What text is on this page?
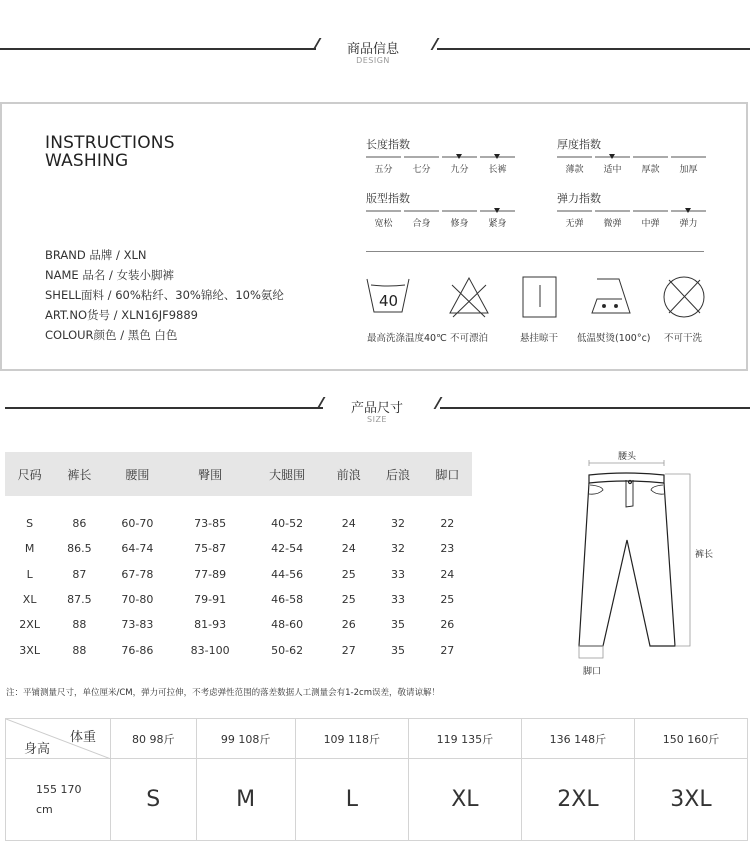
商品信息
DESIGN
INSTRUCTIONS
WASHING
BRAND 品牌 / XLN
NAME 品名 / 女装小脚裤
SHELL面料 / 60%粘纤、30%锦纶、10%氨纶
ART.NO货号 / XLN16JF9889
COLOUR颜色 / 黑色 白色
长度指数
五分	七分	九分	长裤
厚度指数
薄款	适中	厚款	加厚
版型指数
宽松	合身	修身	紧身
弹力指数
无弹	微弹	中弹	弹力
40
最高洗涤温度40℃ 不可漂泊	悬挂晾干 低温熨烫(100°c) 不可干洗
产品尺寸
SIZE
尺码	裤长	腰围	臀围	大腿围	前浪	后浪	脚口
S	86	60-70	73-85	40-52	24	32	22
M	86.5	64-74	75-87	42-54	24	32	23
L	87	67-78	77-89	44-56	25	33	24
XL	87.5	70-80	79-91	46-58	25	33	25
2XL	88	73-83	81-93	48-60	26	35	26
3XL	88	76-86	83-100	50-62	27	35	27
腰头
裤长
脚口
注：平铺测量尺寸，单位厘米/CM，弹力可拉伸，不考虑弹性范围的落差数据人工测量会有1-2cm误差，敬请谅解！
体重
身高	80 98斤	99 108斤	109 118斤	119 135斤	136 148斤	150 160斤
155 170
cm	S	M	L	XL	2XL	3XL
